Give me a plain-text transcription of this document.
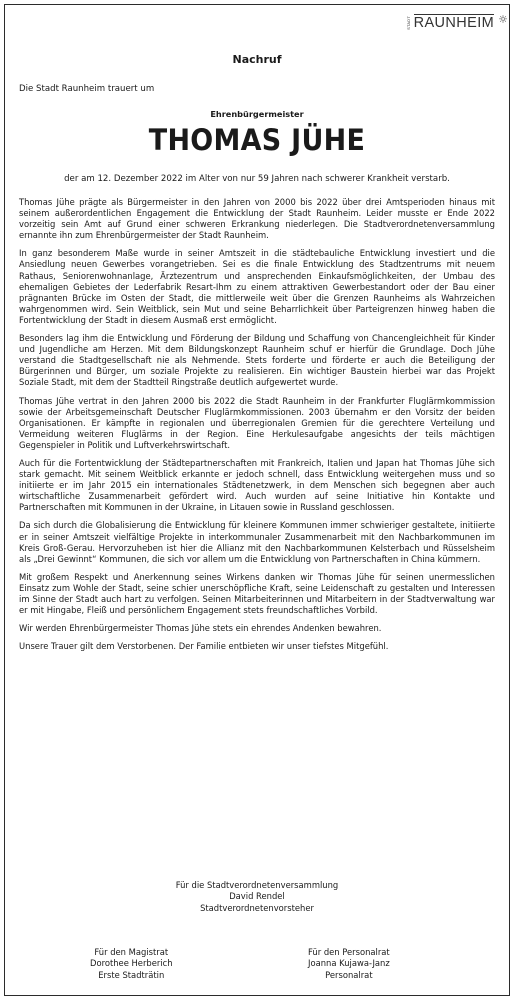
STADT RAUNHEIM ☼
Nachruf
Die Stadt Raunheim trauert um
Ehrenbürgermeister
THOMAS JÜHE
der am 12. Dezember 2022 im Alter von nur 59 Jahren nach schwerer Krankheit verstarb.

Thomas Jühe prägte als Bürgermeister in den Jahren von 2000 bis 2022 über drei Amtsperioden hinaus mit seinem außerordentlichen Engagement die Entwicklung der Stadt Raunheim. Leider musste er Ende 2022 vorzeitig sein Amt auf Grund einer schweren Erkrankung niederlegen. Die Stadtverordnetenversammlung ernannte ihn zum Ehrenbürgermeister der Stadt Raunheim.

In ganz besonderem Maße wurde in seiner Amtszeit in die städtebauliche Entwicklung investiert und die Ansiedlung neuen Gewerbes vorangetrieben. Sei es die finale Entwicklung des Stadtzentrums mit neuem Rathaus, Seniorenwohnanlage, Ärztezentrum und ansprechenden Einkaufsmöglichkeiten, der Umbau des ehemaligen Gebietes der Lederfabrik Resart-Ihm zu einem attraktiven Gewerbestandort oder der Bau einer prägnanten Brücke im Osten der Stadt, die mittlerweile weit über die Grenzen Raunheims als Wahrzeichen wahrgenommen wird. Sein Weitblick, sein Mut und seine Beharrlichkeit über Parteigrenzen hinweg haben die Fortentwicklung der Stadt in diesem Ausmaß erst ermöglicht.

Besonders lag ihm die Entwicklung und Förderung der Bildung und Schaffung von Chancengleichheit für Kinder und Jugendliche am Herzen. Mit dem Bildungskonzept Raunheim schuf er hierfür die Grundlage. Doch Jühe verstand die Stadtgesellschaft nie als Nehmende. Stets forderte und förderte er auch die Beteiligung der Bürgerinnen und Bürger, um soziale Projekte zu realisieren. Ein wichtiger Baustein hierbei war das Projekt Soziale Stadt, mit dem der Stadtteil Ringstraße deutlich aufgewertet wurde.

Thomas Jühe vertrat in den Jahren 2000 bis 2022 die Stadt Raunheim in der Frankfurter Fluglärmkommission sowie der Arbeitsgemeinschaft Deutscher Fluglärmkommissionen. 2003 übernahm er den Vorsitz der beiden Organisationen. Er kämpfte in regionalen und überregionalen Gremien für die gerechtere Verteilung und Vermeidung weiteren Fluglärms in der Region. Eine Herkulesaufgabe angesichts der teils mächtigen Gegenspieler in Politik und Luftverkehrswirtschaft.

Auch für die Fortentwicklung der Städtepartnerschaften mit Frankreich, Italien und Japan hat Thomas Jühe sich stark gemacht. Mit seinem Weitblick erkannte er jedoch schnell, dass Entwicklung weitergehen muss und so initiierte er im Jahr 2015 ein internationales Städtenetzwerk, in dem Menschen sich begegnen aber auch wirtschaftliche Zusammenarbeit gefördert wird. Auch wurden auf seine Initiative hin Kontakte und Partnerschaften mit Kommunen in der Ukraine, in Litauen sowie in Russland geschlossen.

Da sich durch die Globalisierung die Entwicklung für kleinere Kommunen immer schwieriger gestaltete, initiierte er in seiner Amtszeit vielfältige Projekte in interkommunaler Zusammenarbeit mit den Nachbarkommunen im Kreis Groß-Gerau. Hervorzuheben ist hier die Allianz mit den Nachbarkommunen Kelsterbach und Rüsselsheim als „Drei Gewinnt“ Kommunen, die sich vor allem um die Entwicklung von Partnerschaften in China kümmern.

Mit großem Respekt und Anerkennung seines Wirkens danken wir Thomas Jühe für seinen unermesslichen Einsatz zum Wohle der Stadt, seine schier unerschöpfliche Kraft, seine Leidenschaft zu gestalten und Interessen im Sinne der Stadt auch hart zu verfolgen. Seinen Mitarbeiterinnen und Mitarbeitern in der Stadtverwaltung war er mit Hingabe, Fleiß und persönlichem Engagement stets freundschaftliches Vorbild.

Wir werden Ehrenbürgermeister Thomas Jühe stets ein ehrendes Andenken bewahren.

Unsere Trauer gilt dem Verstorbenen. Der Familie entbieten wir unser tiefstes Mitgefühl.

Für die Stadtverordnetenversammlung
David Rendel
Stadtverordnetenvorsteher
Für den Magistrat
Dorothee Herberich
Erste Stadträtin
Für den Personalrat
Joanna Kujawa-Janz
Personalrat
